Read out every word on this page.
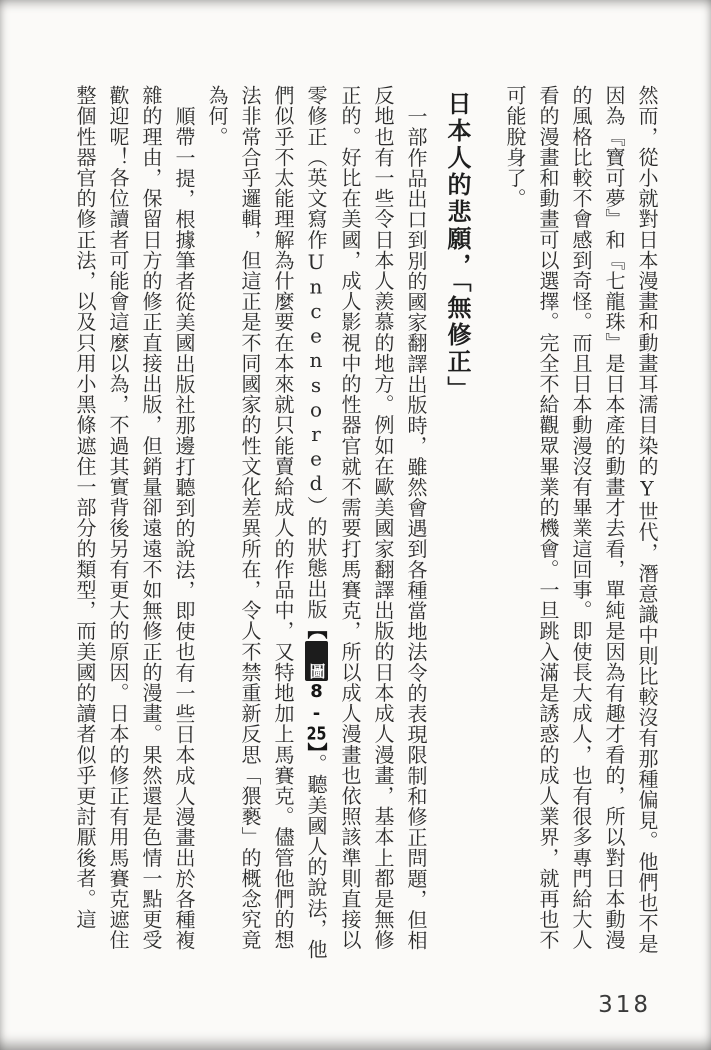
然而，從小就對日本漫畫和動畫耳濡目染的Y世代，潛意識中則比較沒有那種偏見。他們也不是因為『寶可夢』和『七龍珠』是日本產的動畫才去看，單純是因為有趣才看的，所以對日本動漫的風格比較不會感到奇怪。而且日本動漫沒有畢業這回事。即使長大成人，也有很多專門給大人看的漫畫和動畫可以選擇。完全不給觀眾畢業的機會。一旦跳入滿是誘惑的成人業界，就再也不可能脫身了。

日本人的悲願，「無修正」

一部作品出口到別的國家翻譯出版時，雖然會遇到各種當地法令的表現限制和修正問題，但相反地也有一些令日本人羨慕的地方。例如在歐美國家翻譯出版的日本成人漫畫，基本上都是無修正的。好比在美國，成人影視中的性器官就不需要打馬賽克，所以成人漫畫也依照該準則直接以零修正（英文寫作Uncensored）的狀態出版【圖8-25】。聽美國人的說法，他們似乎不太能理解為什麼要在本來就只能賣給成人的作品中，又特地加上馬賽克。儘管他們的想法非常合乎邏輯，但這正是不同國家的性文化差異所在，令人不禁重新反思「猥褻」的概念究竟為何。

順帶一提，根據筆者從美國出版社那邊打聽到的說法，即使也有一些日本成人漫畫出於各種複雜的理由，保留日方的修正直接出版，但銷量卻遠遠不如無修正的漫畫。果然還是色情一點更受歡迎呢！各位讀者可能會這麼以為，不過其實背後另有更大的原因。日本的修正有用馬賽克遮住整個性器官的修正法，以及只用小黑條遮住一部分的類型，而美國的讀者似乎更討厭後者。這

318
